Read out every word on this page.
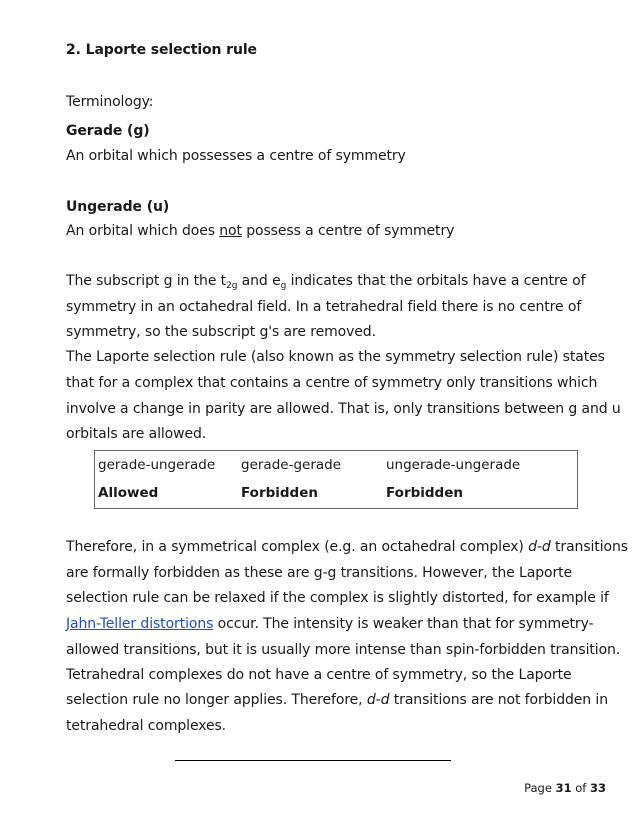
2. Laporte selection rule
Terminology:
Gerade (g)
An orbital which possesses a centre of symmetry
Ungerade (u)
An orbital which does not possess a centre of symmetry
The subscript g in the $t_{2g}$ and $e_g$ indicates that the orbitals have a centre of
symmetry in an octahedral field. In a tetrahedral field there is no centre of
symmetry, so the subscript g's are removed.
The Laporte selection rule (also known as the symmetry selection rule) states
that for a complex that contains a centre of symmetry only transitions which
involve a change in parity are allowed. That is, only transitions between g and u
orbitals are allowed.
gerade-ungerade	gerade-gerade	ungerade-ungerade
Allowed	Forbidden	Forbidden
Therefore, in a symmetrical complex (e.g. an octahedral complex) d-d transitions
are formally forbidden as these are g-g transitions. However, the Laporte
selection rule can be relaxed if the complex is slightly distorted, for example if
Jahn-Teller distortions occur. The intensity is weaker than that for symmetry-
allowed transitions, but it is usually more intense than spin-forbidden transition.
Tetrahedral complexes do not have a centre of symmetry, so the Laporte
selection rule no longer applies. Therefore, d-d transitions are not forbidden in
tetrahedral complexes.
Page 31 of 33
